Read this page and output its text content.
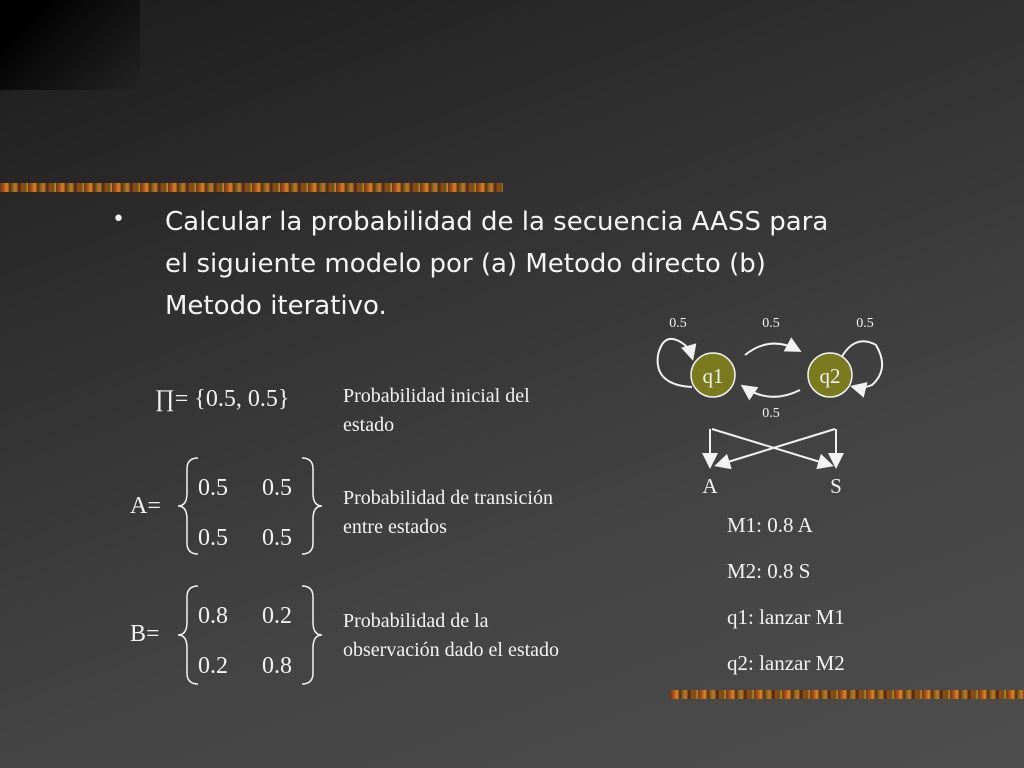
• Calcular la probabilidad de la secuencia AASS para
el siguiente modelo por (a) Metodo directo (b)
Metodo iterativo.

∏= {0.5, 0.5}	Probabilidad inicial del
estado
A=
0.5 0.5
0.5 0.5
Probabilidad de transición
entre estados
B=
0.8 0.2
0.2 0.8
Probabilidad de la
observación dado el estado
q1	q2
0.5	0.5	0.5
0.5
A	S
M1: 0.8 A
M2: 0.8 S
q1: lanzar M1
q2: lanzar M2
